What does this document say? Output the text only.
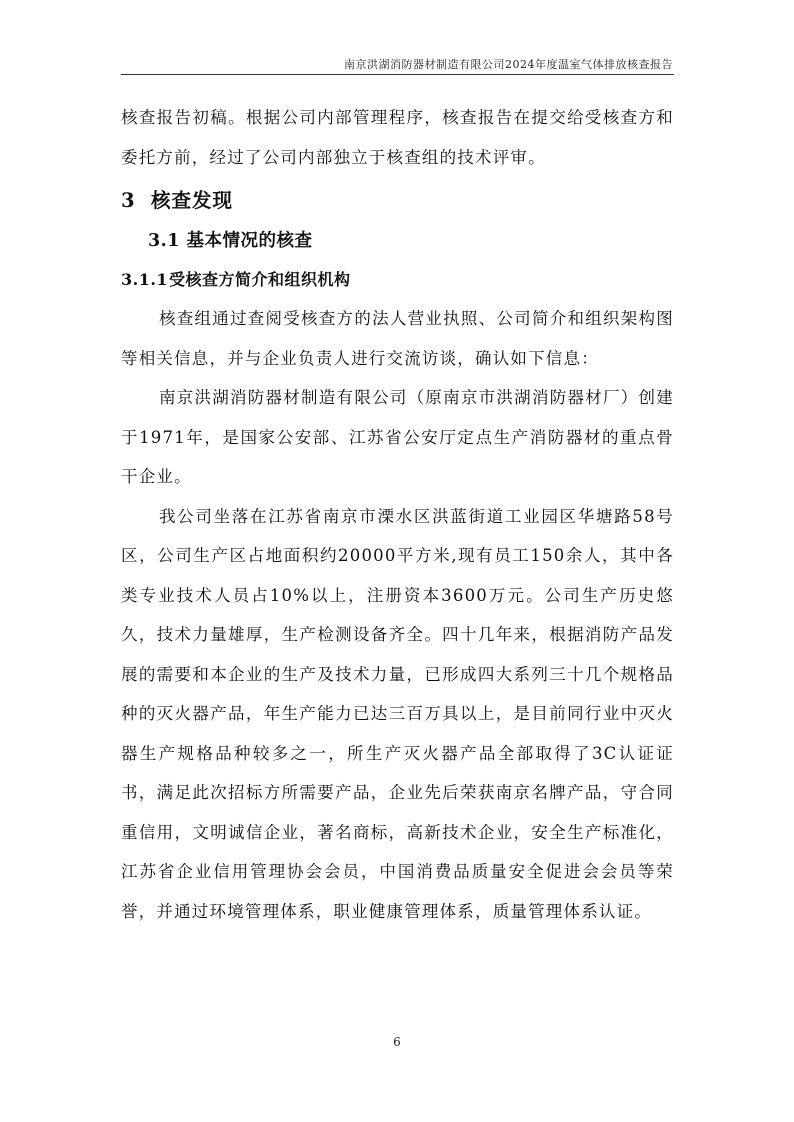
南京洪湖消防器材制造有限公司2024年度温室气体排放核查报告

核查报告初稿。根据公司内部管理程序，核查报告在提交给受核查方和委托方前，经过了公司内部独立于核查组的技术评审。

3 核查发现
3.1 基本情况的核查
3.1.1受核查方简介和组织机构

核查组通过查阅受核查方的法人营业执照、公司简介和组织架构图等相关信息，并与企业负责人进行交流访谈，确认如下信息：

南京洪湖消防器材制造有限公司（原南京市洪湖消防器材厂）创建于1971年，是国家公安部、江苏省公安厅定点生产消防器材的重点骨干企业。

我公司坐落在江苏省南京市溧水区洪蓝街道工业园区华塘路58号区，公司生产区占地面积约20000平方米,现有员工150余人，其中各类专业技术人员占10%以上，注册资本3600万元。公司生产历史悠久，技术力量雄厚，生产检测设备齐全。四十几年来，根据消防产品发展的需要和本企业的生产及技术力量，已形成四大系列三十几个规格品种的灭火器产品，年生产能力已达三百万具以上，是目前同行业中灭火器生产规格品种较多之一，所生产灭火器产品全部取得了3C认证证书，满足此次招标方所需要产品，企业先后荣获南京名牌产品，守合同重信用，文明诚信企业，著名商标，高新技术企业，安全生产标准化，江苏省企业信用管理协会会员，中国消费品质量安全促进会会员等荣誉，并通过环境管理体系，职业健康管理体系，质量管理体系认证。

6
